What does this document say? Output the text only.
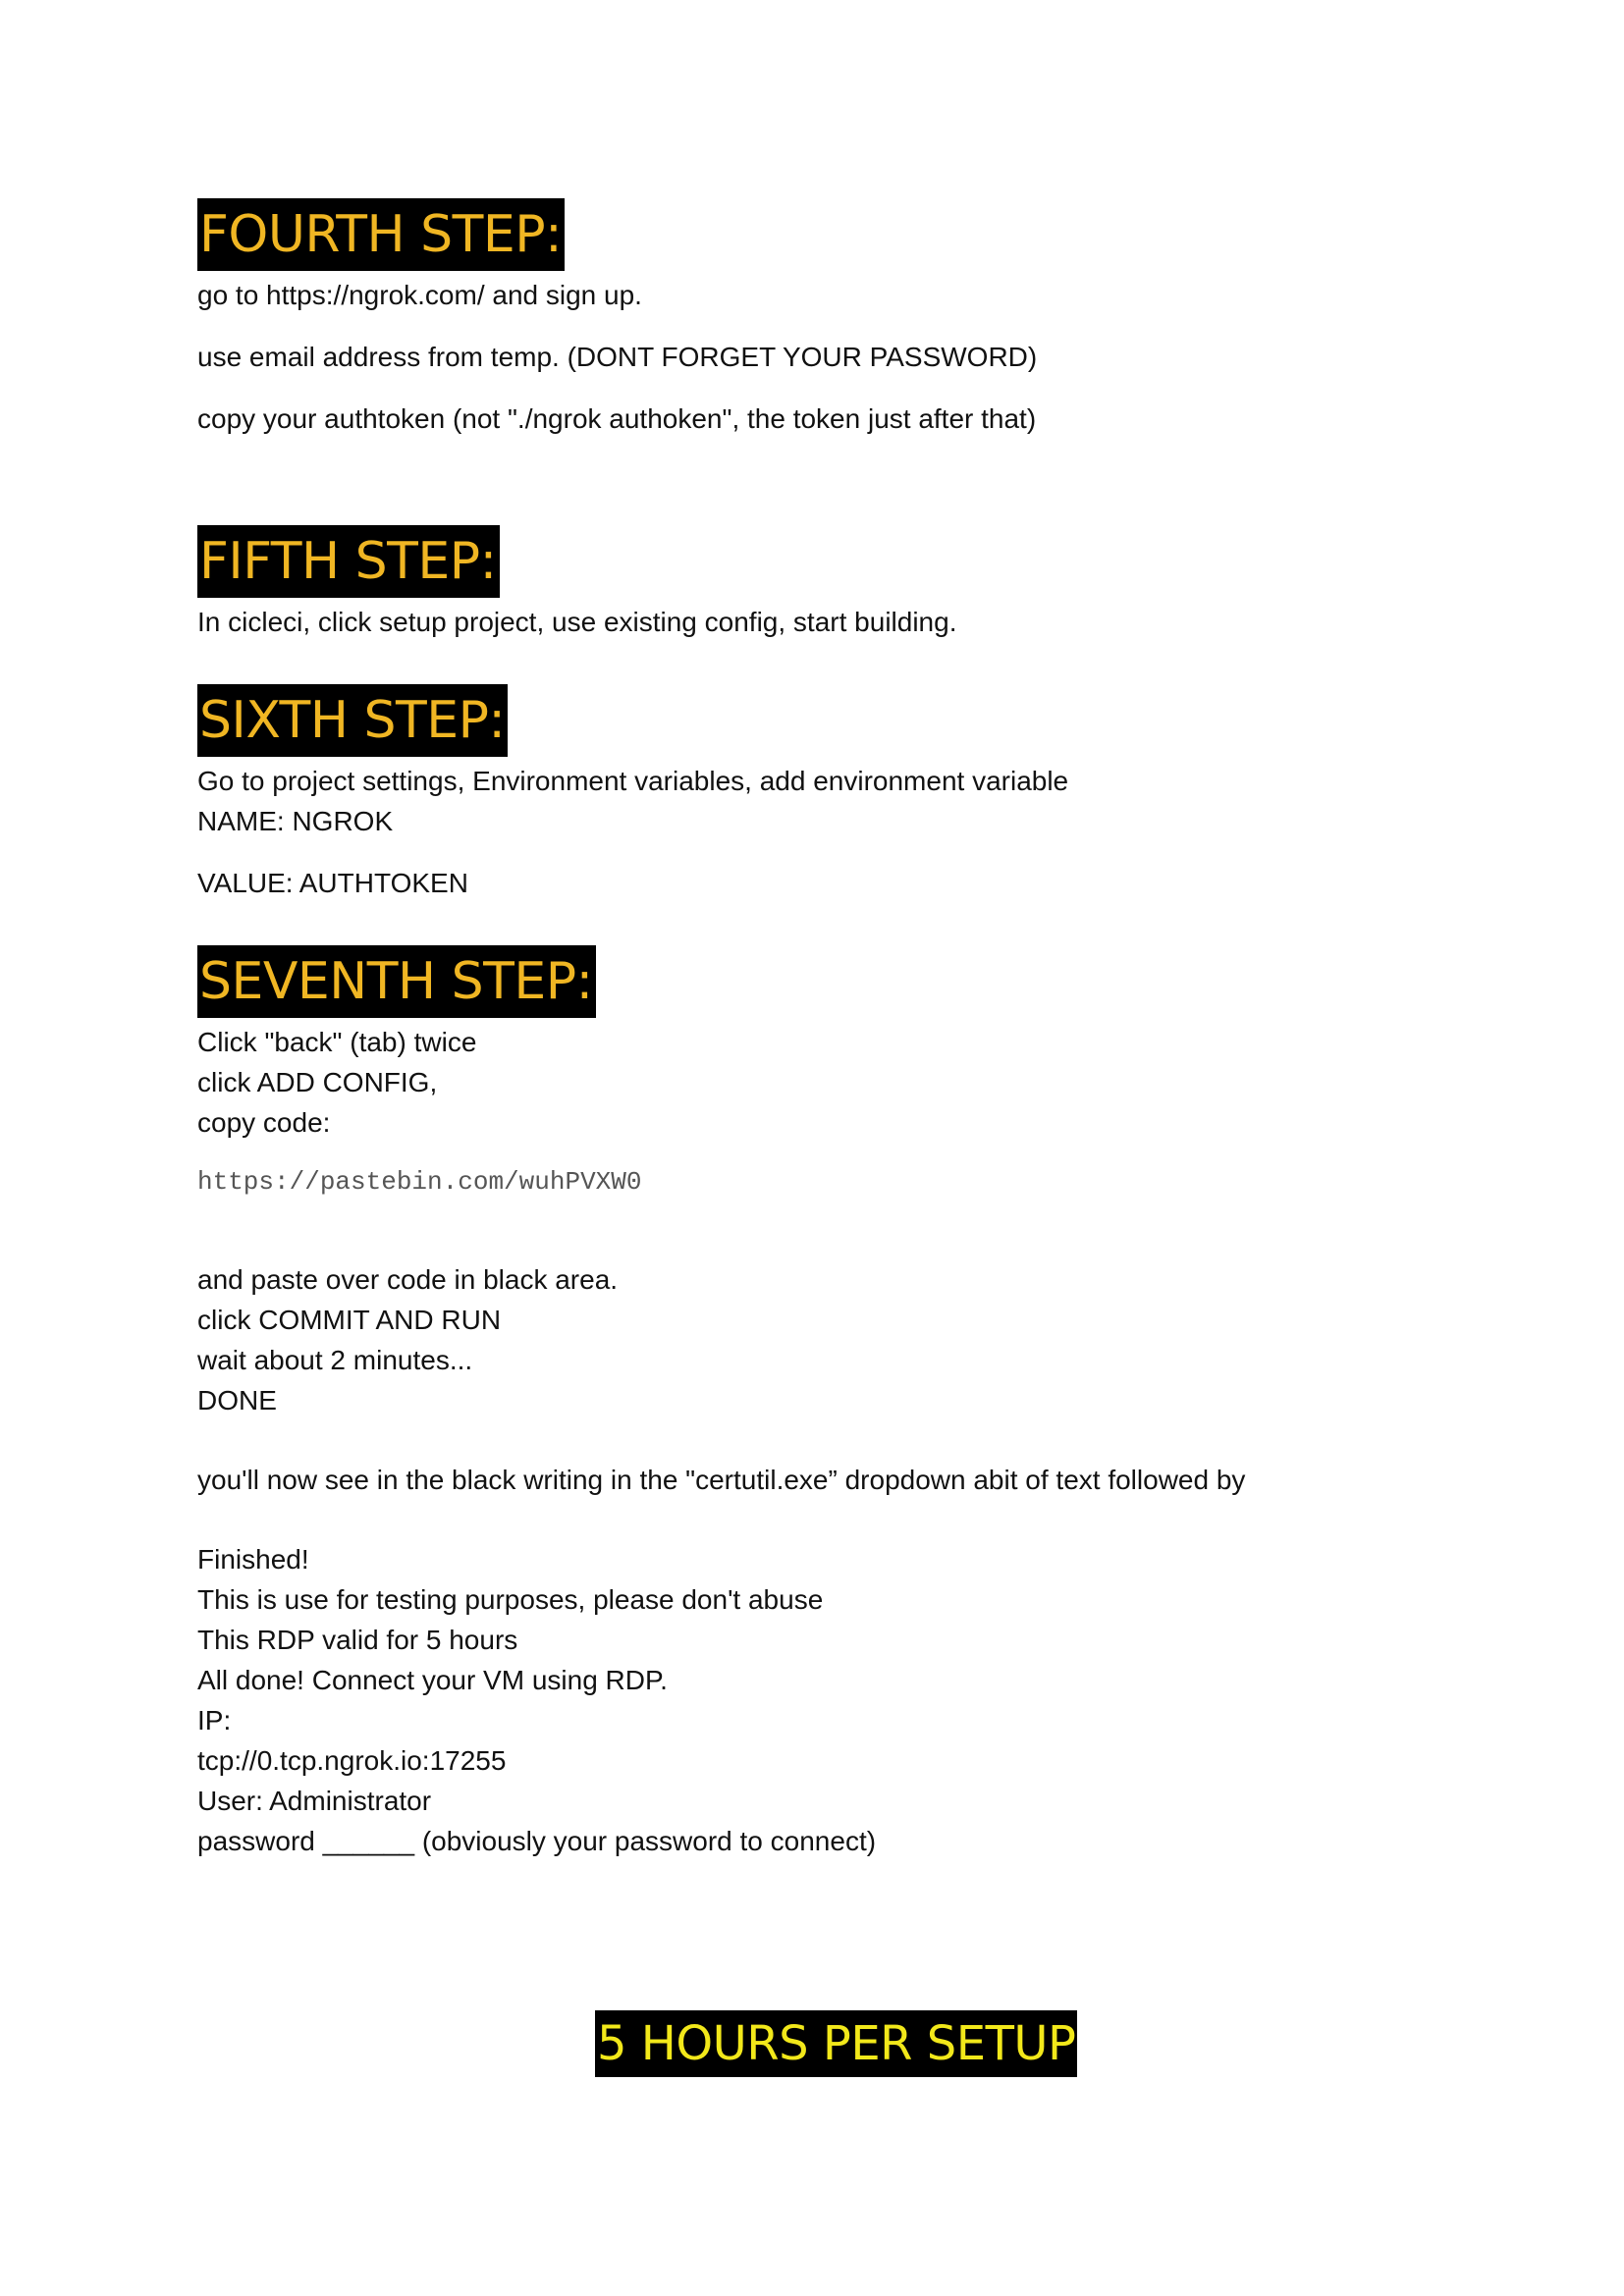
FOURTH STEP:
go to https://ngrok.com/ and sign up.
use email address from temp. (DONT FORGET YOUR PASSWORD)
copy your authtoken (not "./ngrok authoken", the token just after that)
FIFTH STEP:
In cicleci, click setup project, use existing config, start building.
SIXTH STEP:
Go to project settings, Environment variables, add environment variable
NAME: NGROK
VALUE: AUTHTOKEN
SEVENTH STEP:
Click "back" (tab) twice
click ADD CONFIG,
copy code:
https://pastebin.com/wuhPVXW0
and paste over code in black area.
click COMMIT AND RUN
wait about 2 minutes...
DONE
you'll now see in the black writing in the "certutil.exe” dropdown abit of text followed by
Finished!
This is use for testing purposes, please don't abuse
This RDP valid for 5 hours
All done! Connect your VM using RDP.
IP:
tcp://0.tcp.ngrok.io:17255
User: Administrator
password ______ (obviously your password to connect)
5 HOURS PER SETUP
